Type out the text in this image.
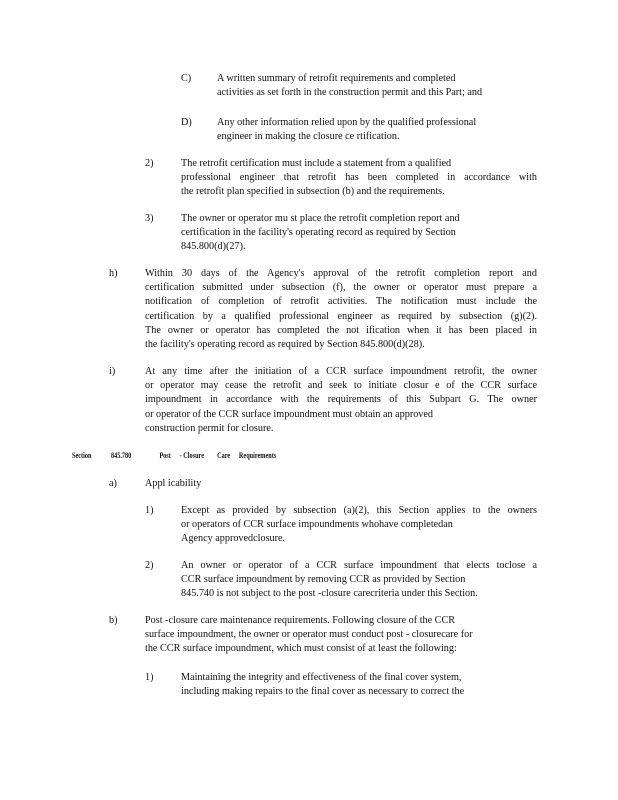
C)	A written summary of retrofit requirements and completed
activities as set forth in the construction permit and this Part; and
D) Any other information relied upon by the qualified professional
engineer in making the closure ce rtification.
2)	The retrofit certification must include a statement from a qualified
professional engineer that retrofit has been completed in accordance with
the retrofit plan specified in subsection (b) and the requirements.
3)	The owner or operator mu st place the retrofit completion report and
certification in the facility's operating record as required by Section
845.800(d)(27).
h)	Within 30 days of the Agency's approval of the retrofit completion report and
certification submitted under subsection (f), the owner or operator must prepare a
notification of completion of retrofit activities. The notification must include the
certification by a qualified professional engineer as required by subsection (g)(2).
The owner or operator has completed the not ification when it has been placed in
the facility's operating record as required by Section 845.800(d)(28).
i)	At any time after the initiation of a CCR surface impoundment retrofit, the owner
or operator may cease the retrofit and seek to initiate closur e of the CCR surface
impoundment in accordance with the requirements of this Subpart G. The owner
or operator of the CCR surface impoundment must obtain an approved
construction permit for closure.
Section 845.780	Post - Closure Care Requirements
a)	Appl icability
1)	Except as provided by subsection (a)(2), this Section applies to the owners
or operators of CCR surface impoundments whohave completedan
Agency approvedclosure.
2)	An owner or operator of a CCR surface impoundment that elects toclose a
CCR surface impoundment by removing CCR as provided by Section
845.740 is not subject to the post -closure carecriteria under this Section.
b)	Post -closure care maintenance requirements. Following closure of the CCR
surface impoundment, the owner or operator must conduct post - closurecare for
the CCR surface impoundment, which must consist of at least the following:
1)	Maintaining the integrity and effectiveness of the final cover system,
including making repairs to the final cover as necessary to correct the
